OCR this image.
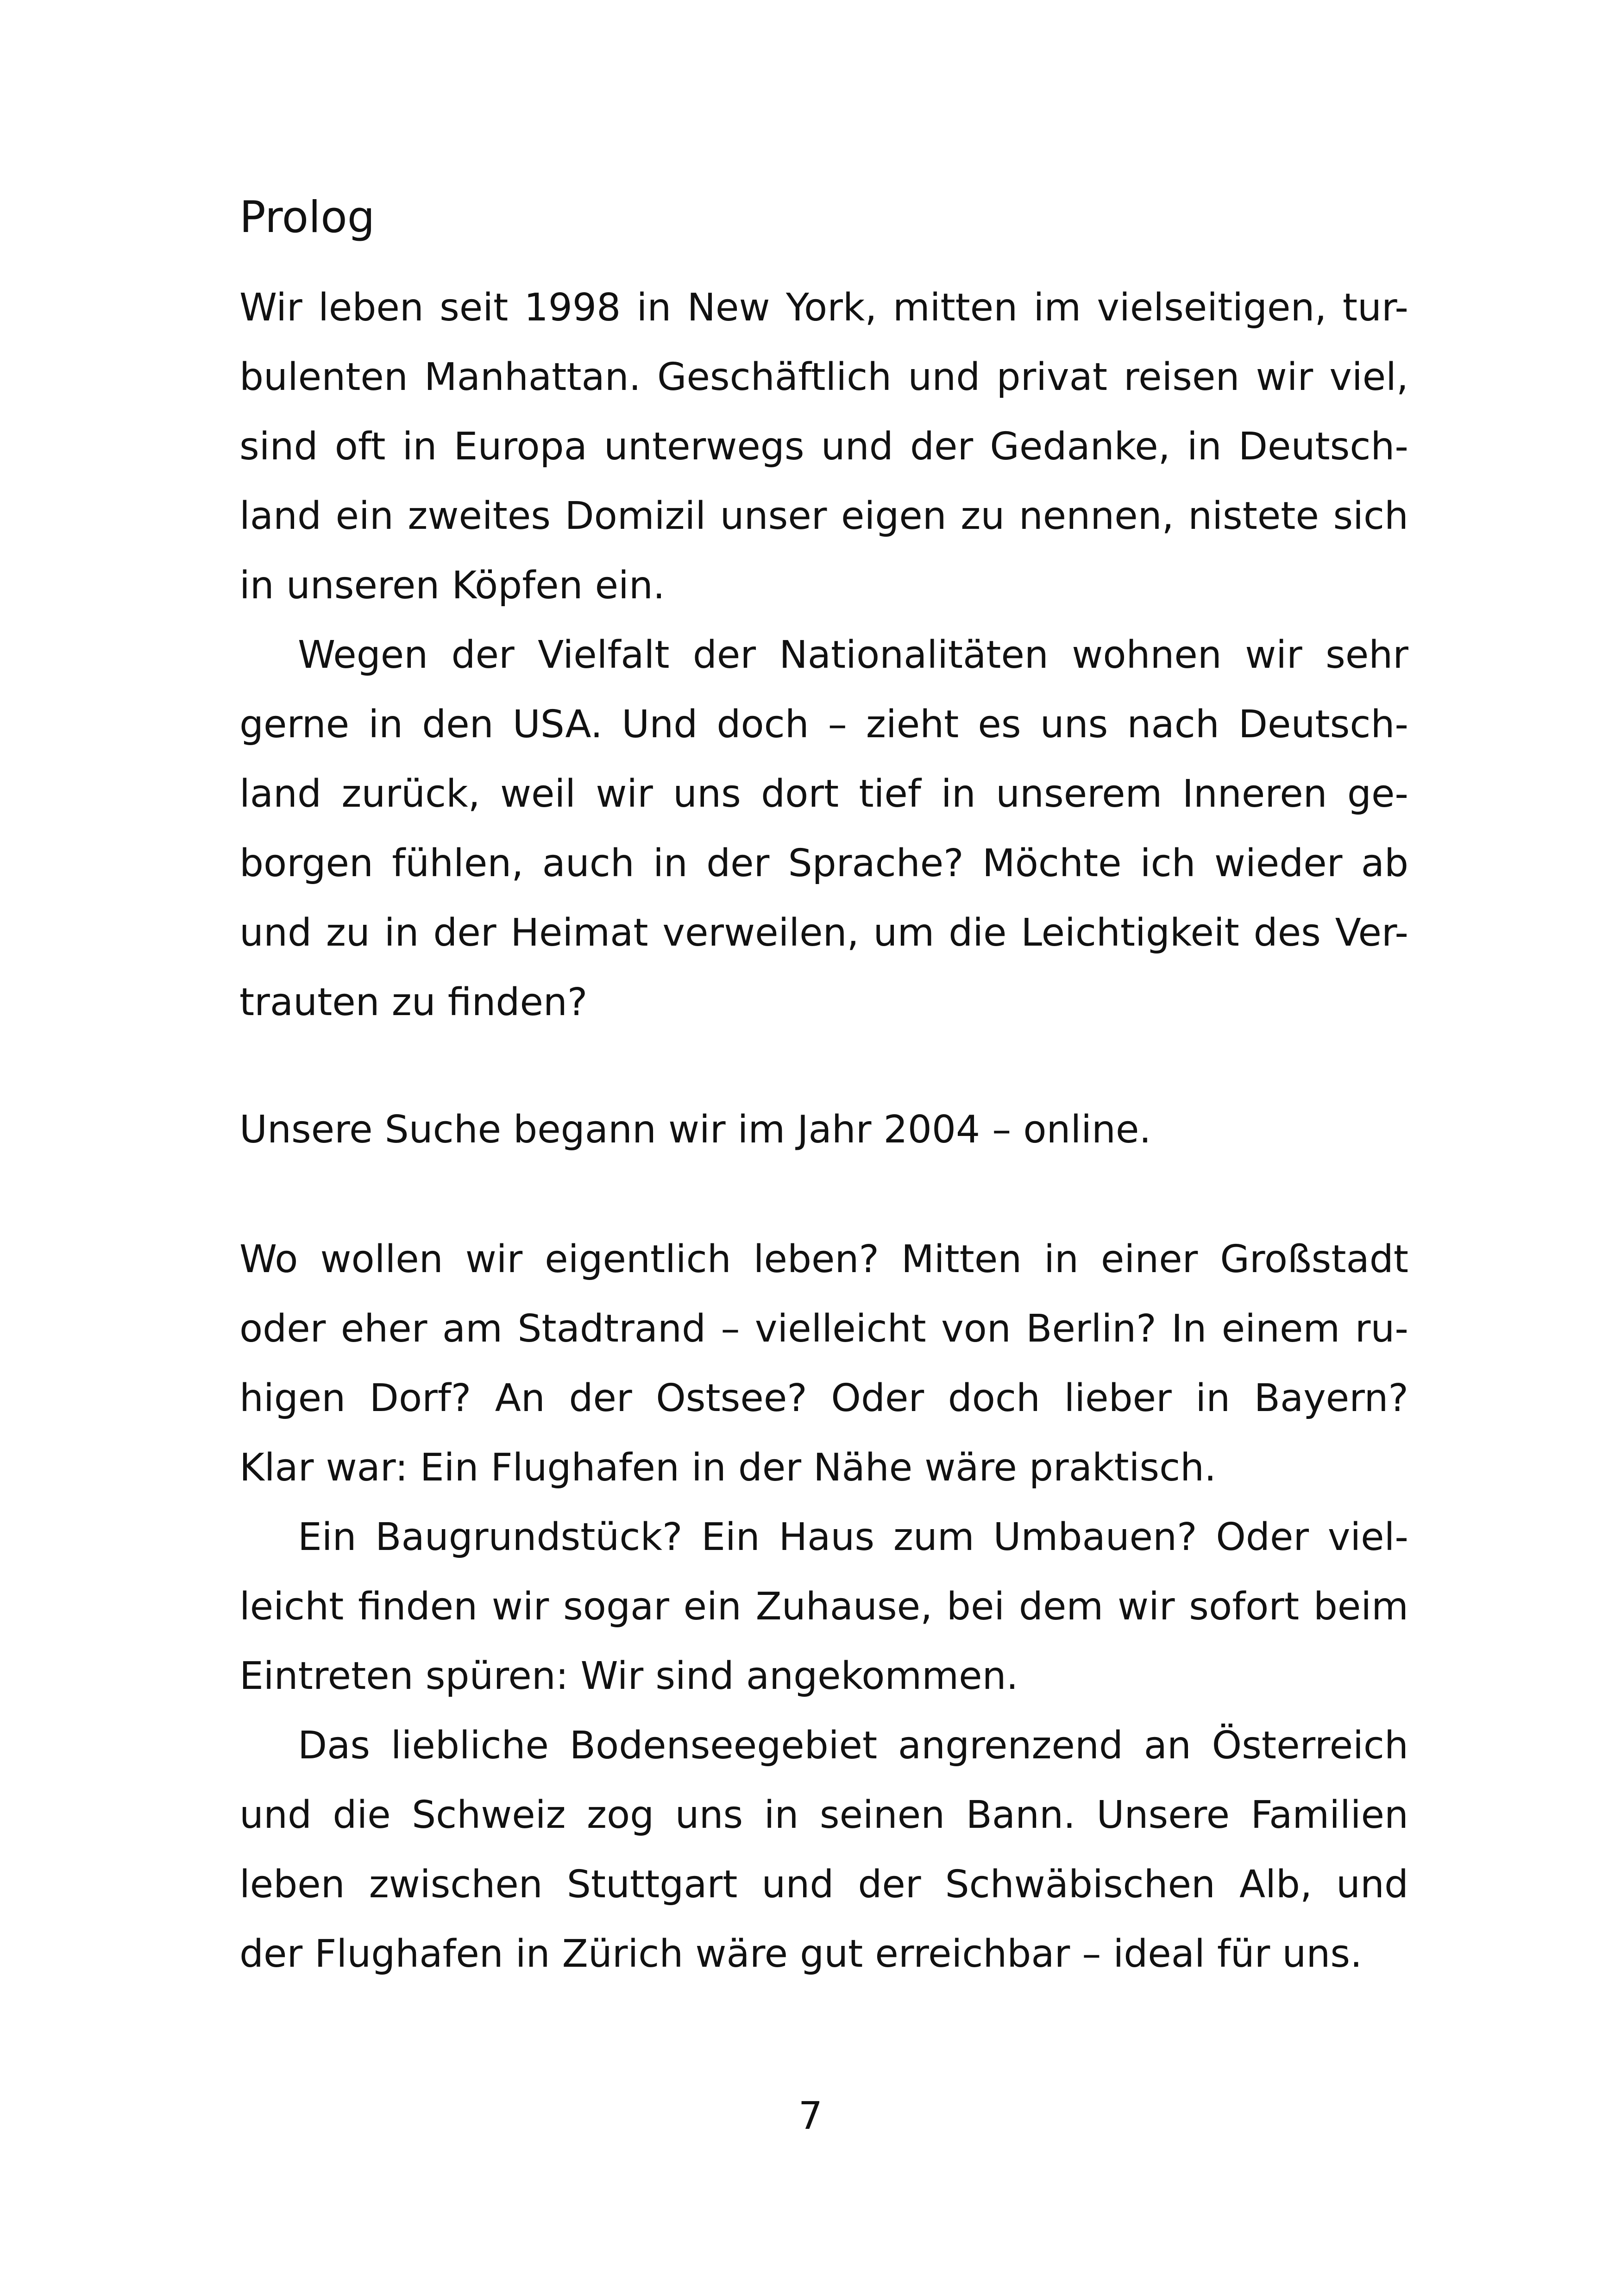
Prolog
Wir leben seit 1998 in New York, mitten im vielseitigen, tur-
bulenten Manhattan. Geschäftlich und privat reisen wir viel,
sind oft in Europa unterwegs und der Gedanke, in Deutsch-
land ein zweites Domizil unser eigen zu nennen, nistete sich
in unseren Köpfen ein.
Wegen der Vielfalt der Nationalitäten wohnen wir sehr
gerne in den USA. Und doch – zieht es uns nach Deutsch-
land zurück, weil wir uns dort tief in unserem Inneren ge-
borgen fühlen, auch in der Sprache? Möchte ich wieder ab
und zu in der Heimat verweilen, um die Leichtigkeit des Ver-
trauten zu finden?
Unsere Suche begann wir im Jahr 2004 – online.
Wo wollen wir eigentlich leben? Mitten in einer Großstadt
oder eher am Stadtrand – vielleicht von Berlin? In einem ru-
higen Dorf? An der Ostsee? Oder doch lieber in Bayern?
Klar war: Ein Flughafen in der Nähe wäre praktisch.
Ein Baugrundstück? Ein Haus zum Umbauen? Oder viel-
leicht finden wir sogar ein Zuhause, bei dem wir sofort beim
Eintreten spüren: Wir sind angekommen.
Das liebliche Bodenseegebiet angrenzend an Österreich
und die Schweiz zog uns in seinen Bann. Unsere Familien
leben zwischen Stuttgart und der Schwäbischen Alb, und
der Flughafen in Zürich wäre gut erreichbar – ideal für uns.
7
